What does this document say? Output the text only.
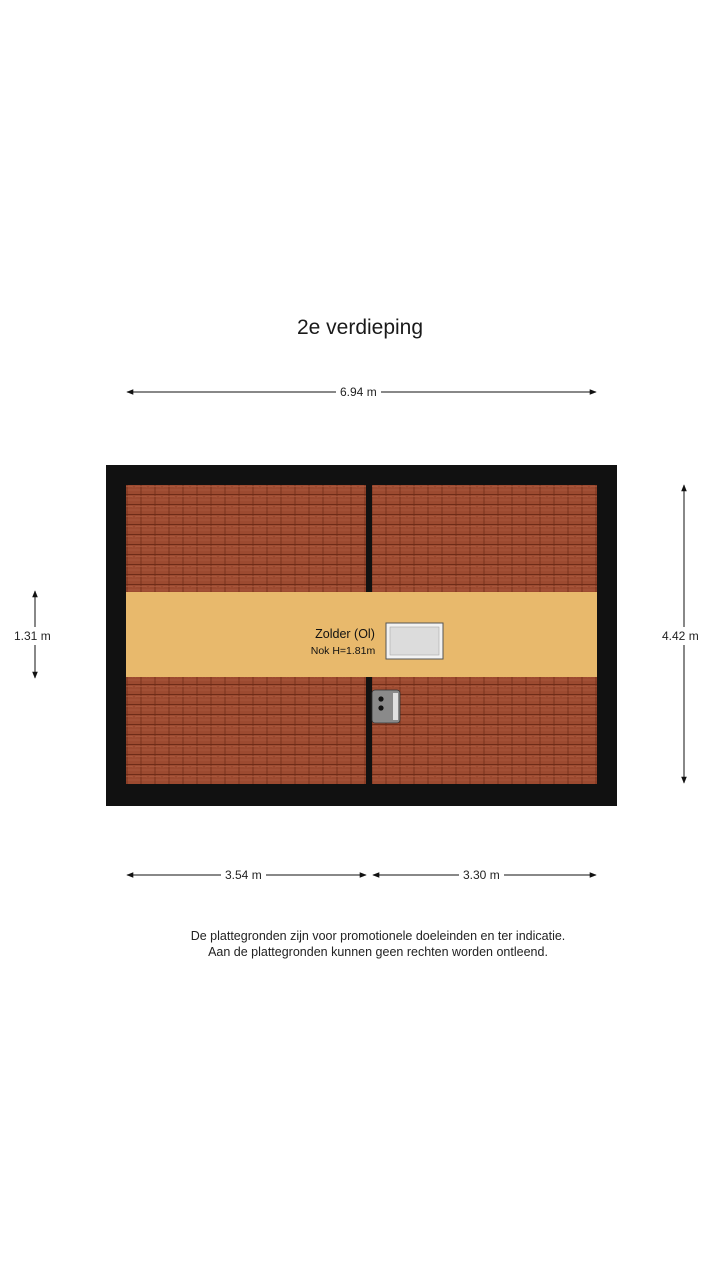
2e verdieping
6.94 m
4.42 m
1.31 m
3.54 m	3.30 m
Zolder (Ol)
Nok H=1.81m
De plattegronden zijn voor promotionele doeleinden en ter indicatie.
Aan de plattegronden kunnen geen rechten worden ontleend.
